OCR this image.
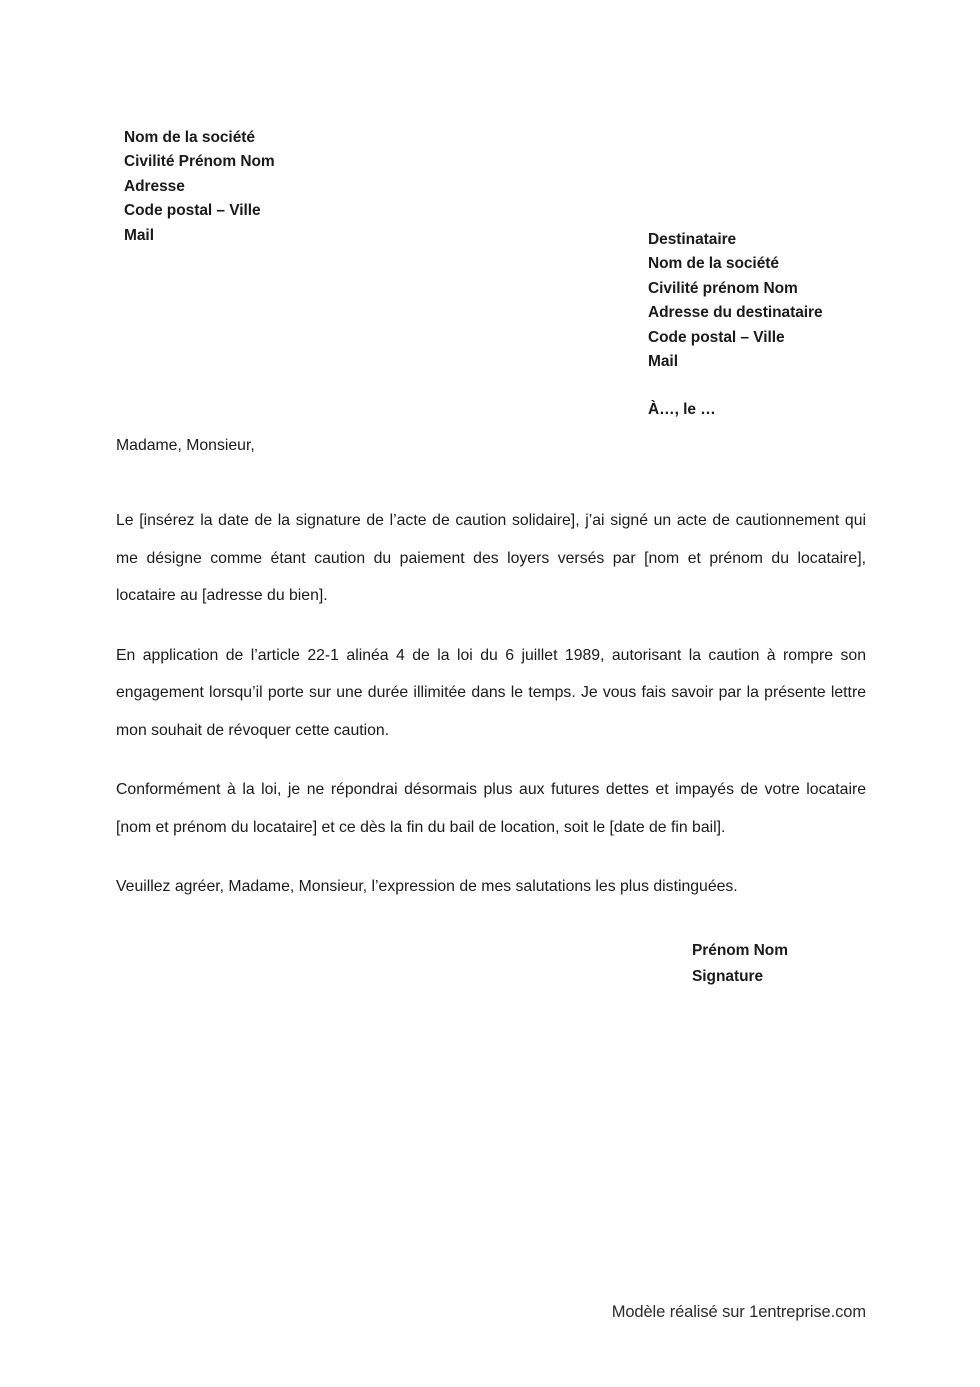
Nom de la société
Civilité Prénom Nom
Adresse
Code postal – Ville
Mail	Destinataire
Nom de la société
Civilité prénom Nom
Adresse du destinataire
Code postal – Ville
Mail
À…, le …

Madame, Monsieur,

Le [insérez la date de la signature de l’acte de caution solidaire], j’ai signé un acte de cautionnement qui me désigne comme étant caution du paiement des loyers versés par [nom et prénom du locataire], locataire au [adresse du bien].

En application de l’article 22-1 alinéa 4 de la loi du 6 juillet 1989, autorisant la caution à rompre son engagement lorsqu’il porte sur une durée illimitée dans le temps. Je vous fais savoir par la présente lettre mon souhait de révoquer cette caution.

Conformément à la loi, je ne répondrai désormais plus aux futures dettes et impayés de votre locataire [nom et prénom du locataire] et ce dès la fin du bail de location, soit le [date de fin bail].

Veuillez agréer, Madame, Monsieur, l’expression de mes salutations les plus distinguées.

Prénom Nom
Signature
Modèle réalisé sur 1entreprise.com
